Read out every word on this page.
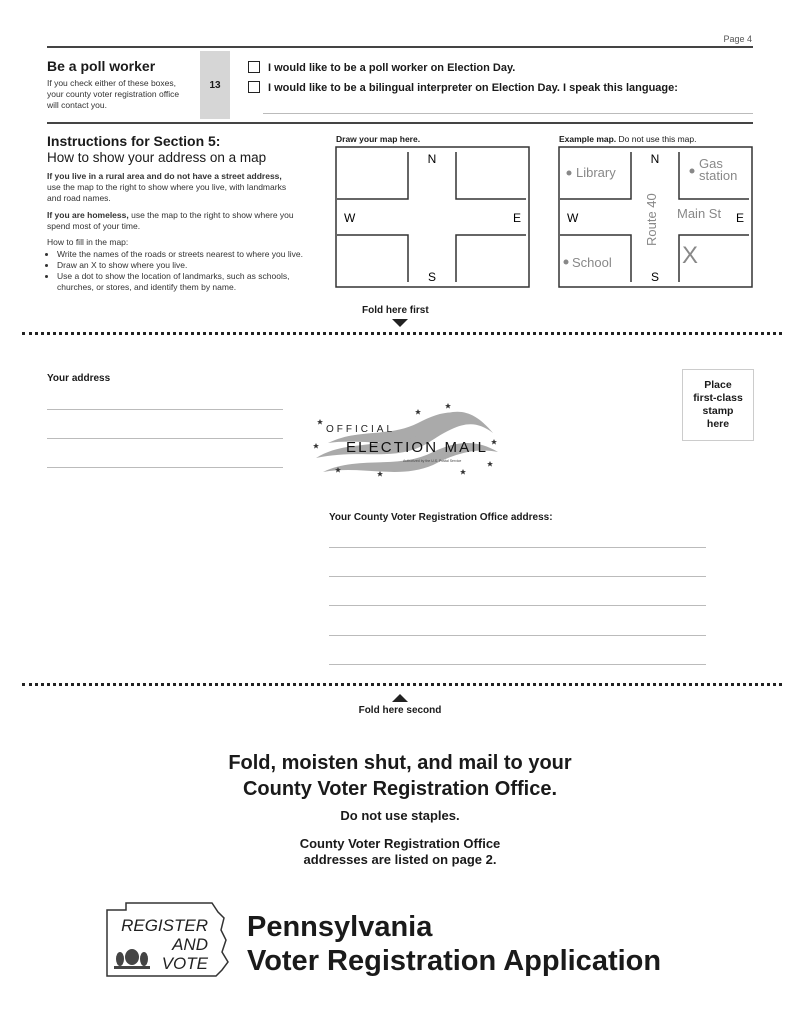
Page 4
Be a poll worker
If you check either of these boxes, your county voter registration office will contact you.
13
I would like to be a poll worker on Election Day.
I would like to be a bilingual interpreter on Election Day. I speak this language:
Instructions for Section 5:
How to show your address on a map
If you live in a rural area and do not have a street address, use the map to the right to show where you live, with landmarks and road names.
If you are homeless, use the map to the right to show where you spend most of your time.
How to fill in the map:
• Write the names of the roads or streets nearest to where you live.
• Draw an X to show where you live.
• Use a dot to show the location of landmarks, such as schools, churches, or stores, and identify them by name.
Draw your map here.
N
S
W	E
Example map. Do not use this map.
N
S
W	E
Library
Gas
station
Route 40 Main St
School	X
Fold here first
Your address
Place
first-class
stamp
here
OFFICIAL
ELECTION MAIL
Authorized by the U.S. Postal Service
Your County Voter Registration Office address:
Fold here second
Fold, moisten shut, and mail to your
County Voter Registration Office.
Do not use staples.
County Voter Registration Office
addresses are listed on page 2.
REGISTER
AND
VOTE
Pennsylvania
Voter Registration Application
